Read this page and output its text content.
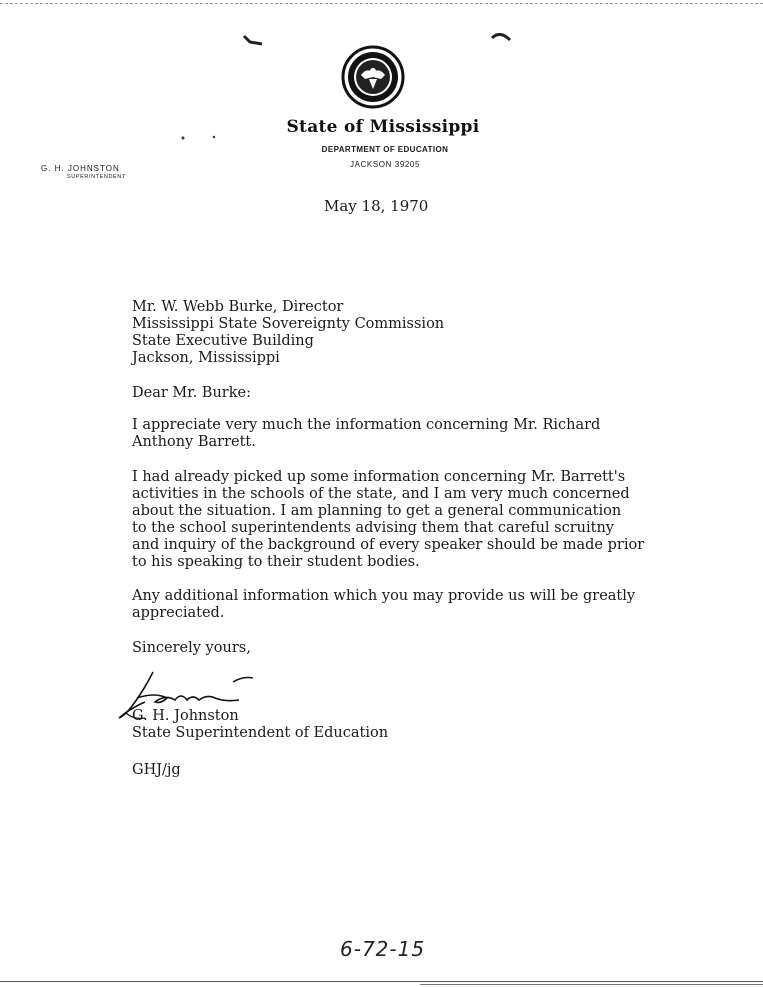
State of Mississippi
DEPARTMENT OF EDUCATION
JACKSON 39205
G. H. JOHNSTON
SUPERINTENDENT
May 18, 1970
Mr. W. Webb Burke, Director
Mississippi State Sovereignty Commission
State Executive Building
Jackson, Mississippi
Dear Mr. Burke:
I appreciate very much the information concerning Mr. Richard
Anthony Barrett.
I had already picked up some information concerning Mr. Barrett's
activities in the schools of the state, and I am very much concerned
about the situation. I am planning to get a general communication
to the school superintendents advising them that careful scruitny
and inquiry of the background of every speaker should be made prior
to his speaking to their student bodies.
Any additional information which you may provide us will be greatly
appreciated.
Sincerely yours,
G. H. Johnston
State Superintendent of Education
GHJ/jg
6-72-15
